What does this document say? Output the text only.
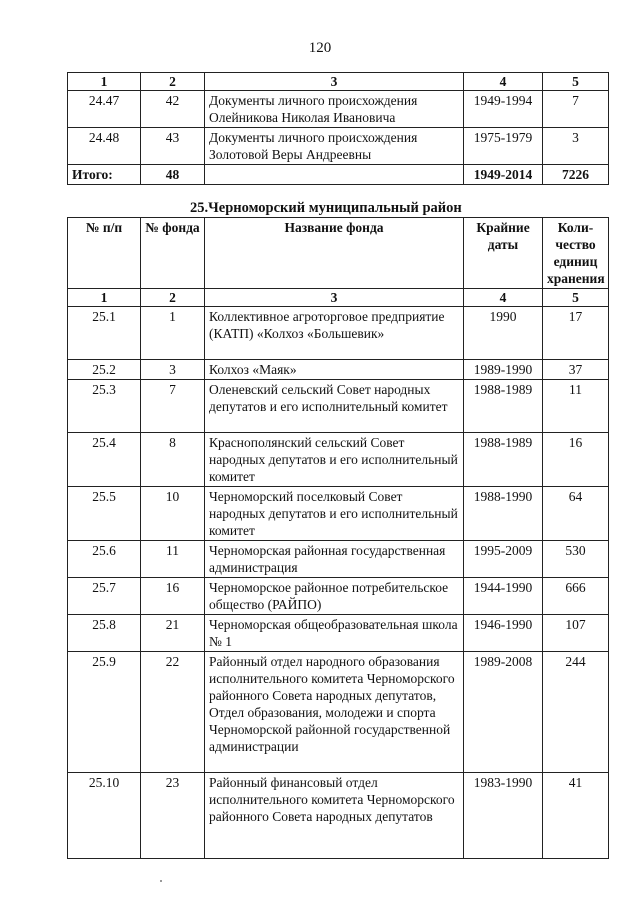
120
1	2	3	4	5
24.47	42	Документы личного происхождения Олейникова Николая Ивановича	1949-1994	7
24.48	43	Документы личного происхождения Золотовой Веры Андреевны	1975-1979	3
Итого:	48		1949-2014	7226
25.Черноморский муниципальный район
№ п/п	№ фонда	Название фонда	Крайние даты	Коли-чество единиц хранения
1	2	3	4	5
25.1	1	Коллективное агроторговое предприятие (КАТП) «Колхоз «Большевик»	1990	17
25.2	3	Колхоз «Маяк»	1989-1990	37
25.3	7	Оленевский сельский Совет народных депутатов и его исполнительный комитет	1988-1989	11
25.4	8	Краснополянский сельский Совет народных депутатов и его исполнительный комитет	1988-1989	16
25.5	10	Черноморский поселковый Совет народных депутатов и его исполнительный комитет	1988-1990	64
25.6	11	Черноморская районная государственная администрация	1995-2009	530
25.7	16	Черноморское районное потребительское общество (РАЙПО)	1944-1990	666
25.8	21	Черноморская общеобразовательная школа № 1	1946-1990	107
25.9	22	Районный отдел народного образования исполнительного комитета Черноморского районного Совета народных депутатов, Отдел образования, молодежи и спорта Черноморской районной государственной администрации	1989-2008	244
25.10	23	Районный финансовый отдел исполнительного комитета Черноморского районного Совета народных депутатов	1983-1990	41
